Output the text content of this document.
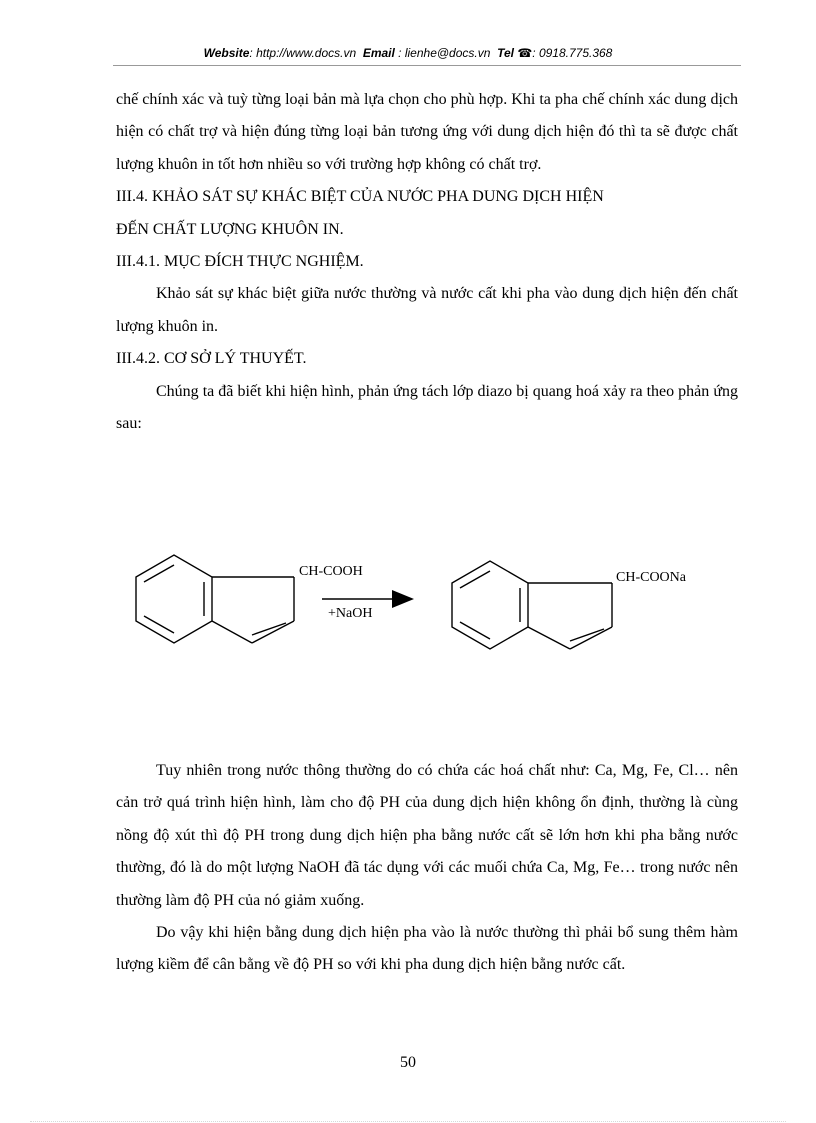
Website: http://www.docs.vn Email : lienhe@docs.vn Tel ☎: 0918.775.368

chế chính xác và tuỳ từng loại bản mà lựa chọn cho phù hợp. Khi ta pha chế chính xác dung dịch hiện có chất trợ và hiện đúng từng loại bản tương ứng với dung dịch hiện đó thì ta sẽ được chất lượng khuôn in tốt hơn nhiều so với trường hợp không có chất trợ.

III.4. KHẢO SÁT SỰ KHÁC BIỆT CỦA NƯỚC PHA DUNG DỊCH HIỆN

ĐẾN CHẤT LƯỢNG KHUÔN IN.

III.4.1. MỤC ĐÍCH THỰC NGHIỆM.

Khảo sát sự khác biệt giữa nước thường và nước cất khi pha vào dung dịch hiện đến chất lượng khuôn in.

III.4.2. CƠ SỞ LÝ THUYẾT.

Chúng ta đã biết khi hiện hình, phản ứng tách lớp diazo bị quang hoá xảy ra theo phản ứng sau:

CH-COOH
+NaOH
CH-COONa

Tuy nhiên trong nước thông thường do có chứa các hoá chất như: Ca, Mg, Fe, Cl… nên cản trở quá trình hiện hình, làm cho độ PH của dung dịch hiện không ổn định, thường là cùng nồng độ xút thì độ PH trong dung dịch hiện pha bằng nước cất sẽ lớn hơn khi pha bằng nước thường, đó là do một lượng NaOH đã tác dụng với các muối chứa Ca, Mg, Fe… trong nước nên thường làm độ PH của nó giảm xuống.

Do vậy khi hiện bằng dung dịch hiện pha vào là nước thường thì phải bổ sung thêm hàm lượng kiềm để cân bằng về độ PH so với khi pha dung dịch hiện bằng nước cất.

50
